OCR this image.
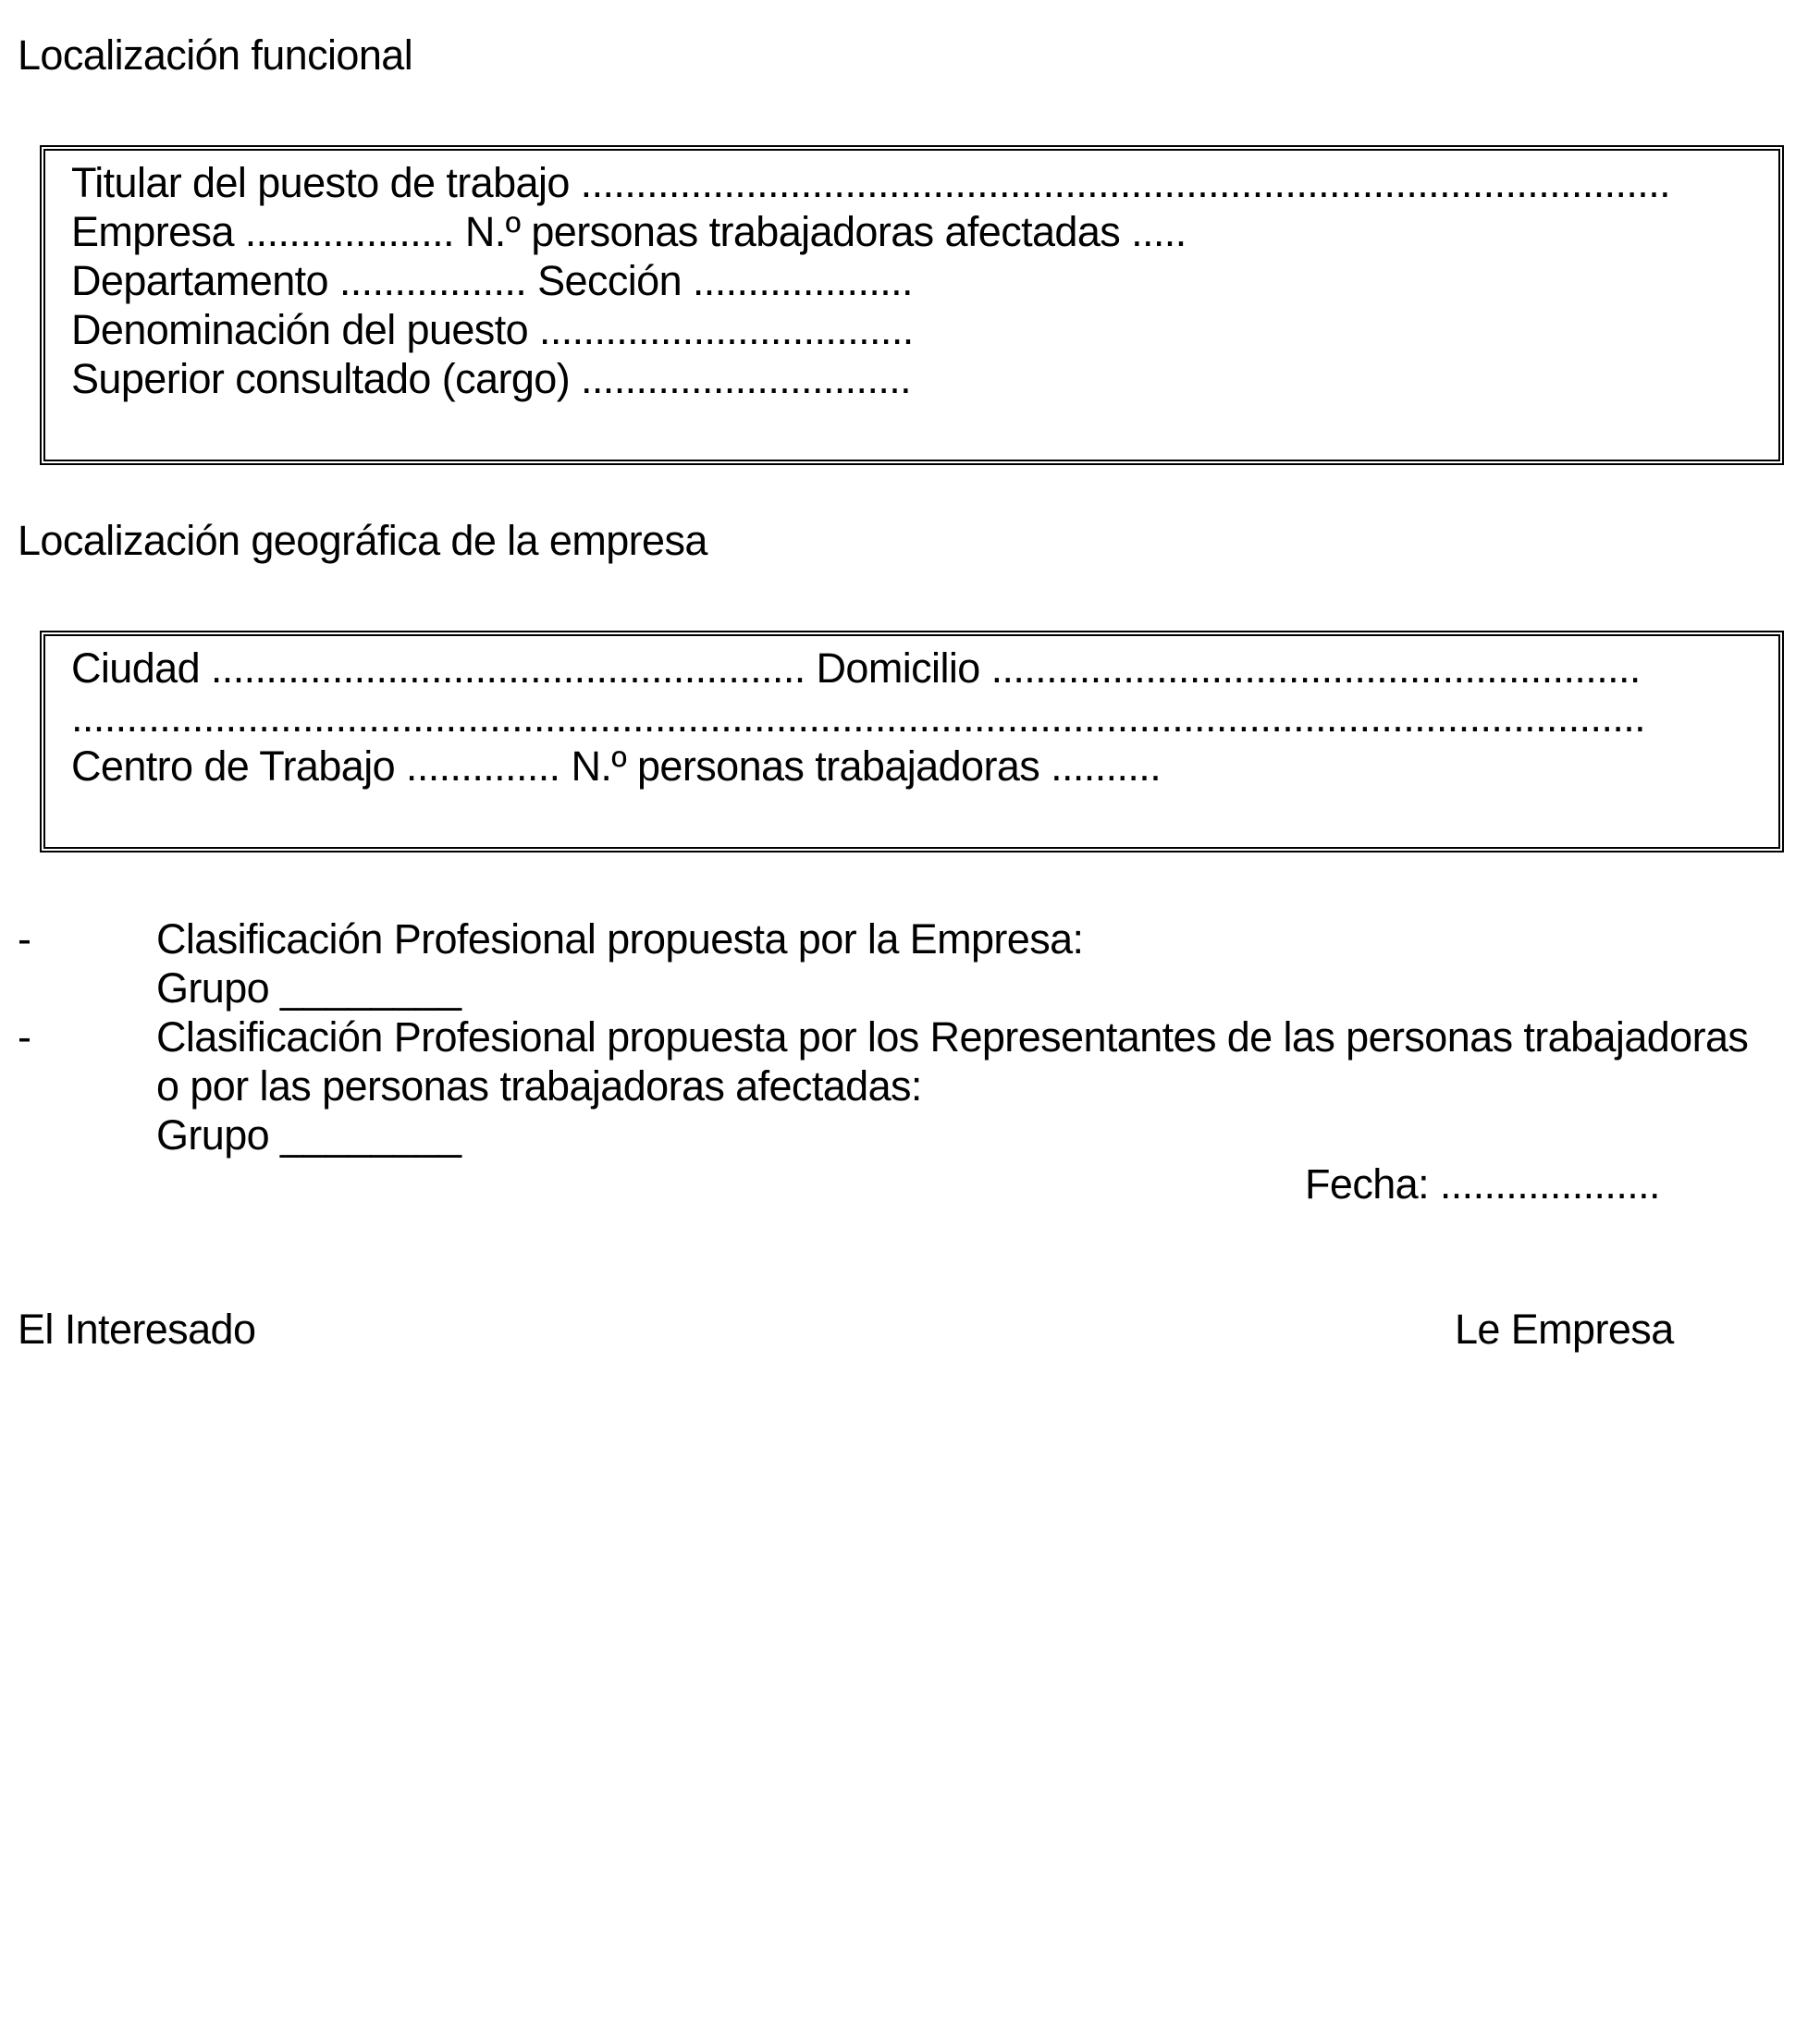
Localización funcional
Titular del puesto de trabajo ...................................................................................................
Empresa ................... N.º personas trabajadoras afectadas .....
Departamento ................. Sección ....................
Denominación del puesto ..................................
Superior consultado (cargo) ..............................
Localización geográfica de la empresa
Ciudad ...................................................... Domicilio ...........................................................
...............................................................................................................................................
Centro de Trabajo .............. N.º personas trabajadoras ..........
-	Clasificación Profesional propuesta por la Empresa:
Grupo ________
-	Clasificación Profesional propuesta por los Representantes de las personas trabajadoras
o por las personas trabajadoras afectadas:
Grupo ________
Fecha: ....................
El Interesado	Le Empresa
